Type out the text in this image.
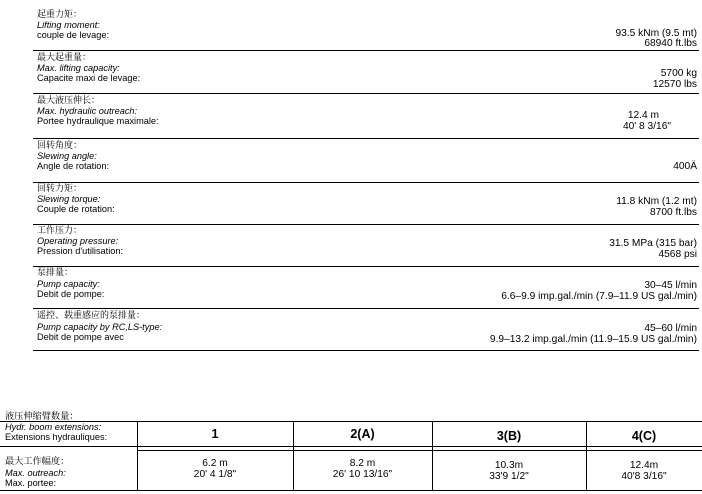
起重力矩：
Lifting moment:
couple de levage:	93.5 kNm (9.5 mt)
68940 ft.lbs
最大起重量：
Max. lifting capacity:
Capacite maxi de levage:	5700 kg
12570 lbs
最大液压伸长：
Max. hydraulic outreach:
Portee hydraulique maximale:	12.4 m
40' 8 3/16"
回转角度：
Slewing angle:
Angle de rotation:	400Ä
回转力矩：
Slewing torque:
Couple de rotation:
11.8 kNm (1.2 mt)
8700 ft.lbs
工作压力：
Operating pressure:
Pression d'utilisation:
31.5 MPa (315 bar)
4568 psi
泵排量：
Pump capacity:
Debit de pompe:
30–45 l/min
6.6–9.9 imp.gal./min (7.9–11.9 US gal./min)
遥控、载重感应的泵排量：
Pump capacity by RC,LS-type:
Debit de pompe avec
45–60 l/min
9.9–13.2 imp.gal./min (11.9–15.9 US gal./min)
液压伸缩臂数量：
Hydr. boom extensions:
Extensions hydrauliques:	1	2(A)	3(B)	4(C)
最大工作幅度：
Max. outreach:
Max. portee:
6.2 m
20' 4 1/8"
8.2 m
26' 10 13/16"
10.3m
33'9 1/2"
12.4m
40'8 3/16"
